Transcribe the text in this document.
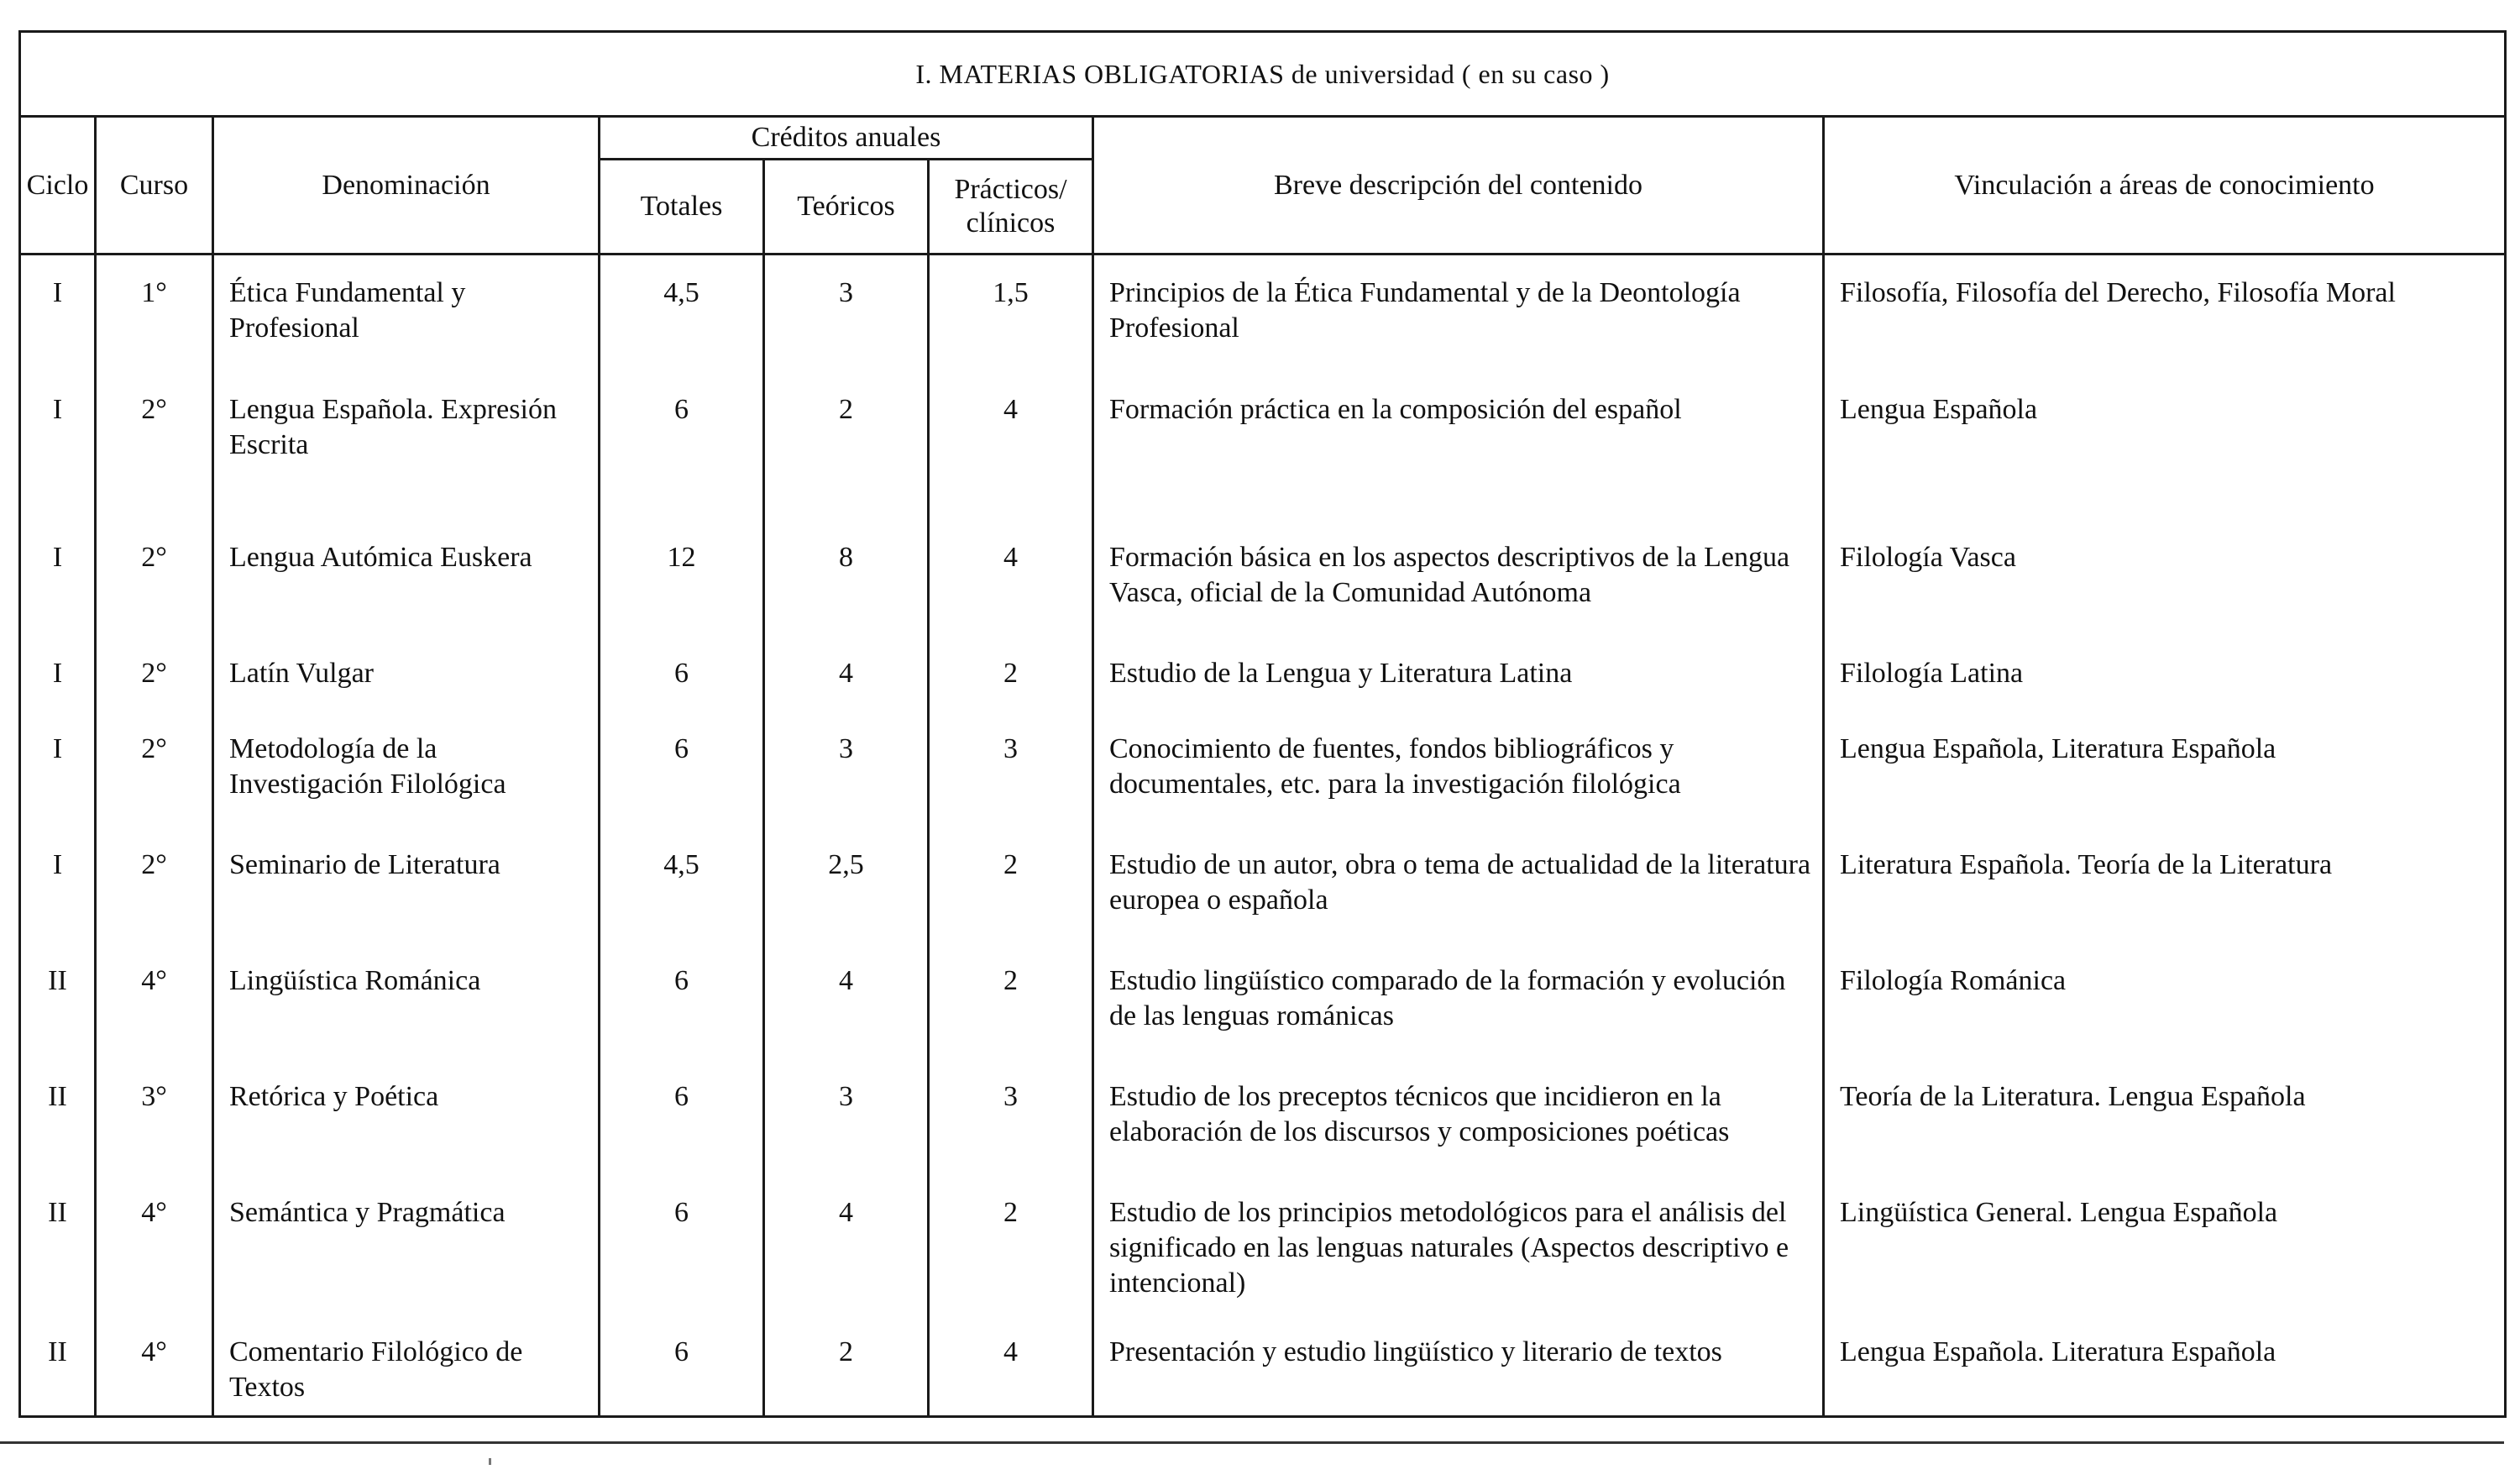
I. MATERIAS OBLIGATORIAS de universidad ( en su caso )							
Ciclo	Curso	Denominación	Créditos anuales			Breve descripción del contenido	Vinculación a áreas de conocimiento
			Totales	Teóricos	Prácticos/ clínicos		
I	1°	Ética Fundamental y Profesional	4,5	3	1,5	Principios de la Ética Fundamental y de la Deontología Profesional	Filosofía, Filosofía del Derecho, Filosofía Moral
I	2°	Lengua Española. Expresión Escrita	6	2	4	Formación práctica en la composición del español	Lengua Española
I	2°	Lengua Autómica Euskera	12	8	4	Formación básica en los aspectos descriptivos de la Lengua Vasca, oficial de la Comunidad Autónoma	Filología Vasca
I	2°	Latín Vulgar	6	4	2	Estudio de la Lengua y Literatura Latina	Filología Latina
I	2°	Metodología de la Investigación Filológica	6	3	3	Conocimiento de fuentes, fondos bibliográficos y documentales, etc. para la investigación filológica	Lengua Española, Literatura Española
I	2°	Seminario de Literatura	4,5	2,5	2	Estudio de un autor, obra o tema de actualidad de la literatura europea o española	Literatura Española. Teoría de la Literatura
II	4°	Lingüística Románica	6	4	2	Estudio lingüístico comparado de la formación y evolución de las lenguas románicas	Filología Románica
II	3°	Retórica y Poética	6	3	3	Estudio de los preceptos técnicos que incidieron en la elaboración de los discursos y composiciones poéticas	Teoría de la Literatura. Lengua Española
II	4°	Semántica y Pragmática	6	4	2	Estudio de los principios metodológicos para el análisis del significado en las lenguas naturales (Aspectos descriptivo e intencional)	Lingüística General. Lengua Española
II	4°	Comentario Filológico de Textos	6	2	4	Presentación y estudio lingüístico y literario de textos	Lengua Española. Literatura Española
